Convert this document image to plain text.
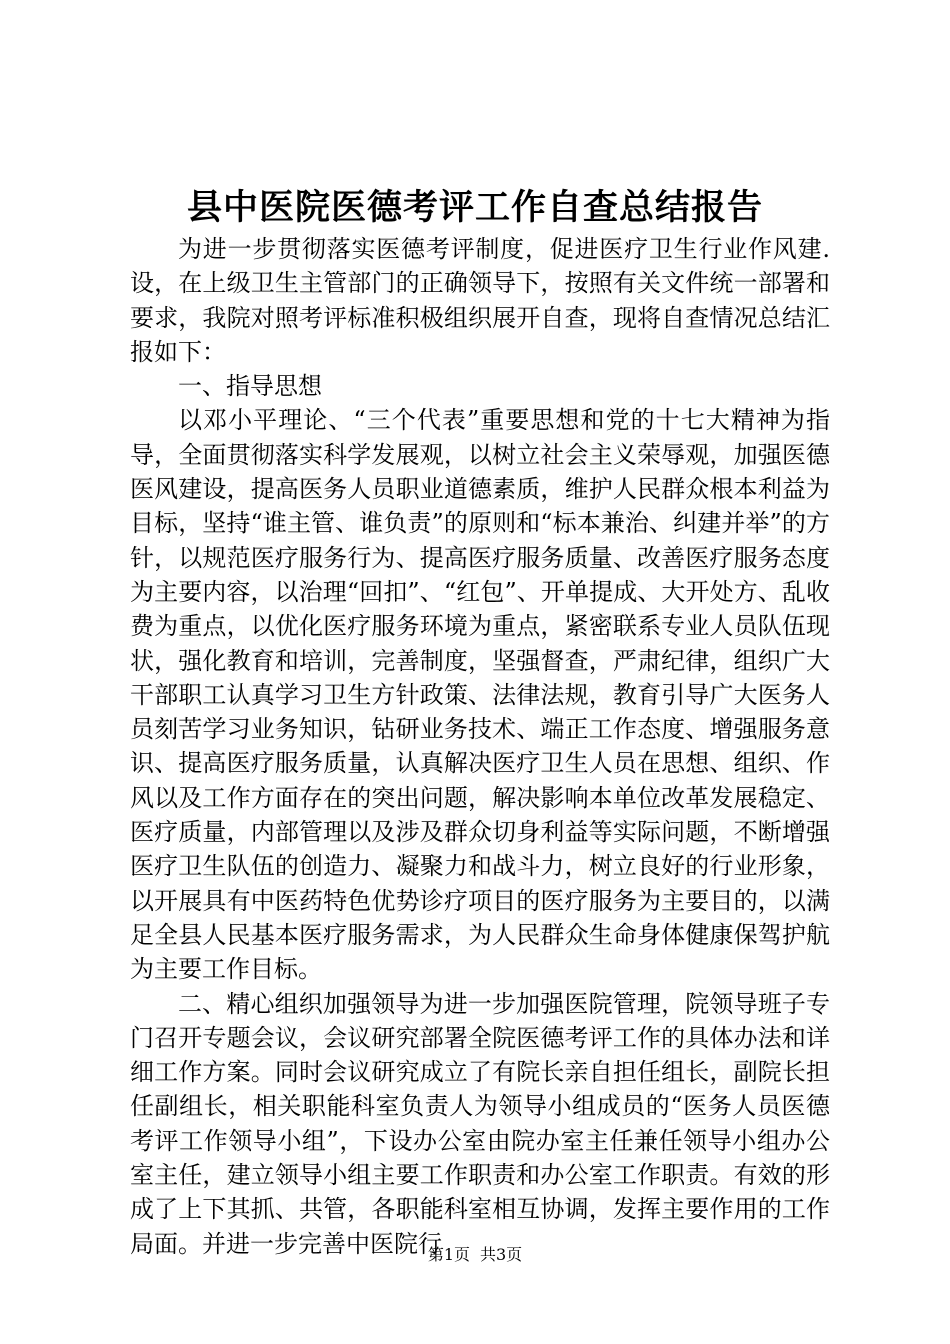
县中医院医德考评工作自查总结报告

为进一步贯彻落实医德考评制度，促进医疗卫生行业作风建.设，在上级卫生主管部门的正确领导下，按照有关文件统一部署和要求，我院对照考评标准积极组织展开自查，现将自查情况总结汇报如下：

一、指导思想

以邓小平理论、“三个代表”重要思想和党的十七大精神为指导，全面贯彻落实科学发展观，以树立社会主义荣辱观，加强医德医风建设，提高医务人员职业道德素质，维护人民群众根本利益为目标，坚持“谁主管、谁负责”的原则和“标本兼治、纠建并举”的方针，以规范医疗服务行为、提高医疗服务质量、改善医疗服务态度为主要内容，以治理“回扣”、“红包”、开单提成、大开处方、乱收费为重点，以优化医疗服务环境为重点，紧密联系专业人员队伍现状，强化教育和培训，完善制度，坚强督查，严肃纪律，组织广大干部职工认真学习卫生方针政策、法律法规，教育引导广大医务人员刻苦学习业务知识，钻研业务技术、端正工作态度、增强服务意识、提高医疗服务质量，认真解决医疗卫生人员在思想、组织、作风以及工作方面存在的突出问题，解决影响本单位改革发展稳定、医疗质量，内部管理以及涉及群众切身利益等实际问题，不断增强医疗卫生队伍的创造力、凝聚力和战斗力，树立良好的行业形象，以开展具有中医药特色优势诊疗项目的医疗服务为主要目的，以满足全县人民基本医疗服务需求，为人民群众生命身体健康保驾护航为主要工作目标。

二、精心组织加强领导为进一步加强医院管理，院领导班子专门召开专题会议，会议研究部署全院医德考评工作的具体办法和详细工作方案。同时会议研究成立了有院长亲自担任组长，副院长担任副组长，相关职能科室负责人为领导小组成员的“医务人员医德考评工作领导小组”，下设办公室由院办室主任兼任领导小组办公室主任，建立领导小组主要工作职责和办公室工作职责。有效的形成了上下其抓、共管，各职能科室相互协调，发挥主要作用的工作局面。并进一步完善中医院行

第1页 共3页
